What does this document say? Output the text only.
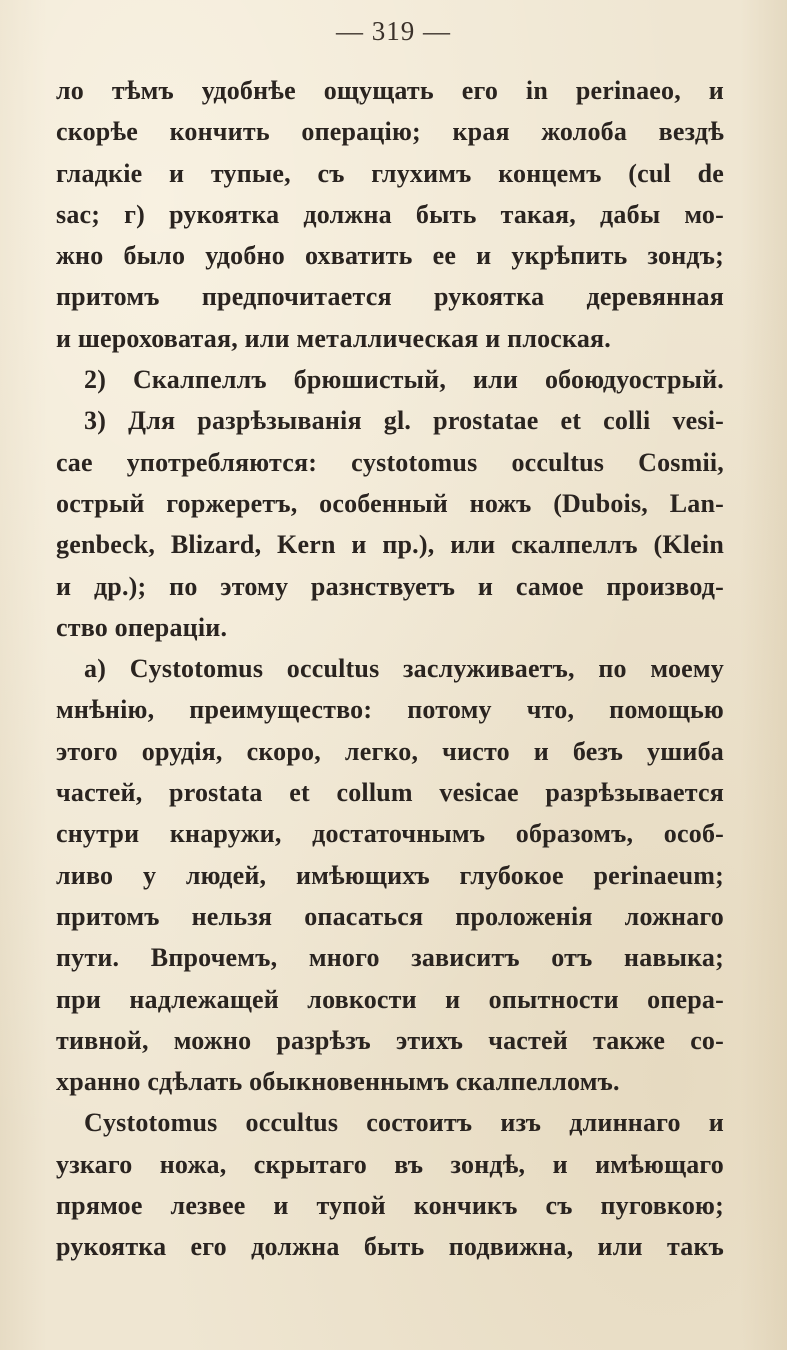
— 319 —
ло тѣмъ удобнѣе ощущать его in perinaeo, и
скорѣе кончить операцію; края жолоба вездѣ
гладкіе и тупые, съ глухимъ концемъ (cul de
sac; г) рукоятка должна быть такая, дабы мо-
жно было удобно охватить ее и укрѣпить зондъ;
притомъ предпочитается рукоятка деревянная
и шероховатая, или металлическая и плоская.
2) Скалпеллъ брюшистый, или обоюдуострый.
3) Для разрѣзыванія gl. prostatae et colli vesi-
cae употребляются: cystotomus occultus Cosmii,
острый горжеретъ, особенный ножъ (Dubois, Lan-
genbeck, Blizard, Kern и пр.), или скалпеллъ (Klein
и др.); по этому разнствуетъ и самое производ-
ство операціи.
а) Cystotomus occultus заслуживаетъ, по моему
мнѣнію, преимущество: потому что, помощью
этого орудія, скоро, легко, чисто и безъ ушиба
частей, prostata et collum vesicae разрѣзывается
снутри кнаружи, достаточнымъ образомъ, особ-
ливо у людей, имѣющихъ глубокое perinaeum;
притомъ нельзя опасаться проложенія ложнаго
пути. Впрочемъ, много зависитъ отъ навыка;
при надлежащей ловкости и опытности опера-
тивной, можно разрѣзъ этихъ частей также со-
хранно сдѣлать обыкновеннымъ скалпелломъ.
Cystotomus occultus состоитъ изъ длиннаго и
узкаго ножа, скрытаго въ зондѣ, и имѣющаго
прямое лезвее и тупой кончикъ съ пуговкою;
рукоятка его должна быть подвижна, или такъ
